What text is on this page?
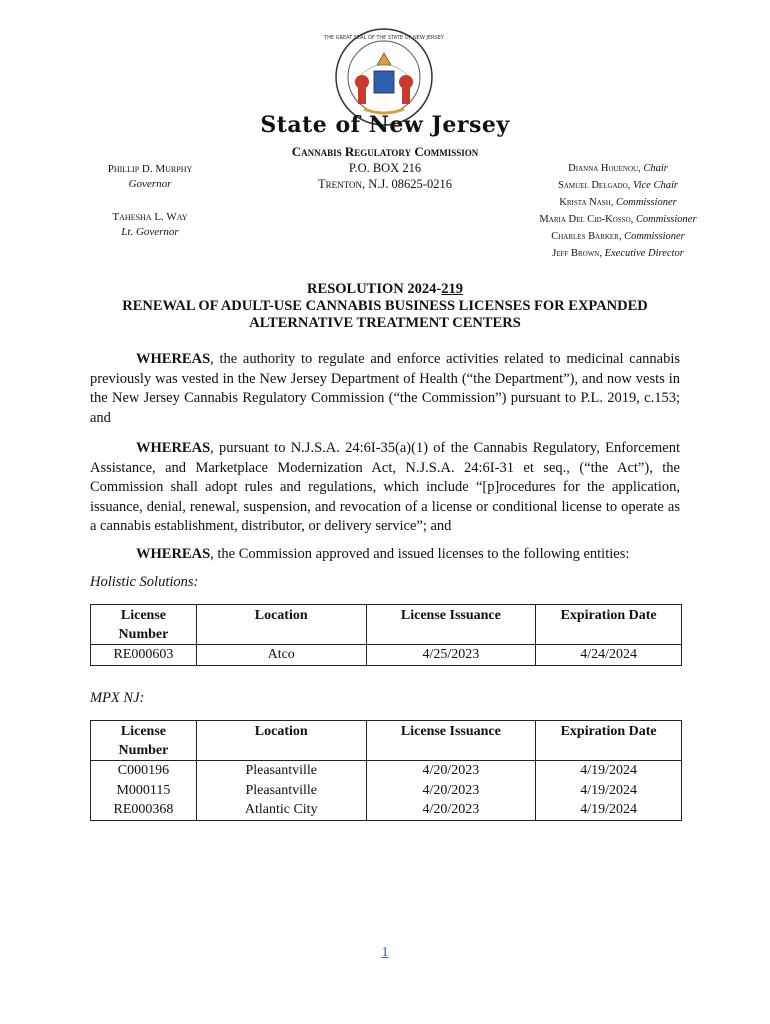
THE GREAT SEAL OF THE STATE OF NEW JERSEY
State of New Jersey
Cannabis Regulatory Commission
P.O. BOX 216
Trenton, N.J. 08625-0216
Phillip D. Murphy
Governor
Tahesha L. Way
Lt. Governor
Dianna Houenou, Chair
Samuel Delgado, Vice Chair
Krista Nash, Commissioner
Maria Del Cid-Kosso, Commissioner
Charles Barker, Commissioner
Jeff Brown, Executive Director
RESOLUTION 2024-219
RENEWAL OF ADULT-USE CANNABIS BUSINESS LICENSES FOR EXPANDED ALTERNATIVE TREATMENT CENTERS
WHEREAS, the authority to regulate and enforce activities related to medicinal cannabis previously was vested in the New Jersey Department of Health (“the Department”), and now vests in the New Jersey Cannabis Regulatory Commission (“the Commission”) pursuant to P.L. 2019, c.153; and
WHEREAS, pursuant to N.J.S.A. 24:6I-35(a)(1) of the Cannabis Regulatory, Enforcement Assistance, and Marketplace Modernization Act, N.J.S.A. 24:6I-31 et seq., (“the Act”), the Commission shall adopt rules and regulations, which include “[p]rocedures for the application, issuance, denial, renewal, suspension, and revocation of a license or conditional license to operate as a cannabis establishment, distributor, or delivery service”; and
WHEREAS, the Commission approved and issued licenses to the following entities:
Holistic Solutions:
License Number	Location	License Issuance	Expiration Date
RE000603	Atco	4/25/2023	4/24/2024
MPX NJ:
License Number	Location	License Issuance	Expiration Date
C000196	Pleasantville	4/20/2023	4/19/2024
M000115	Pleasantville	4/20/2023	4/19/2024
RE000368	Atlantic City	4/20/2023	4/19/2024
1
